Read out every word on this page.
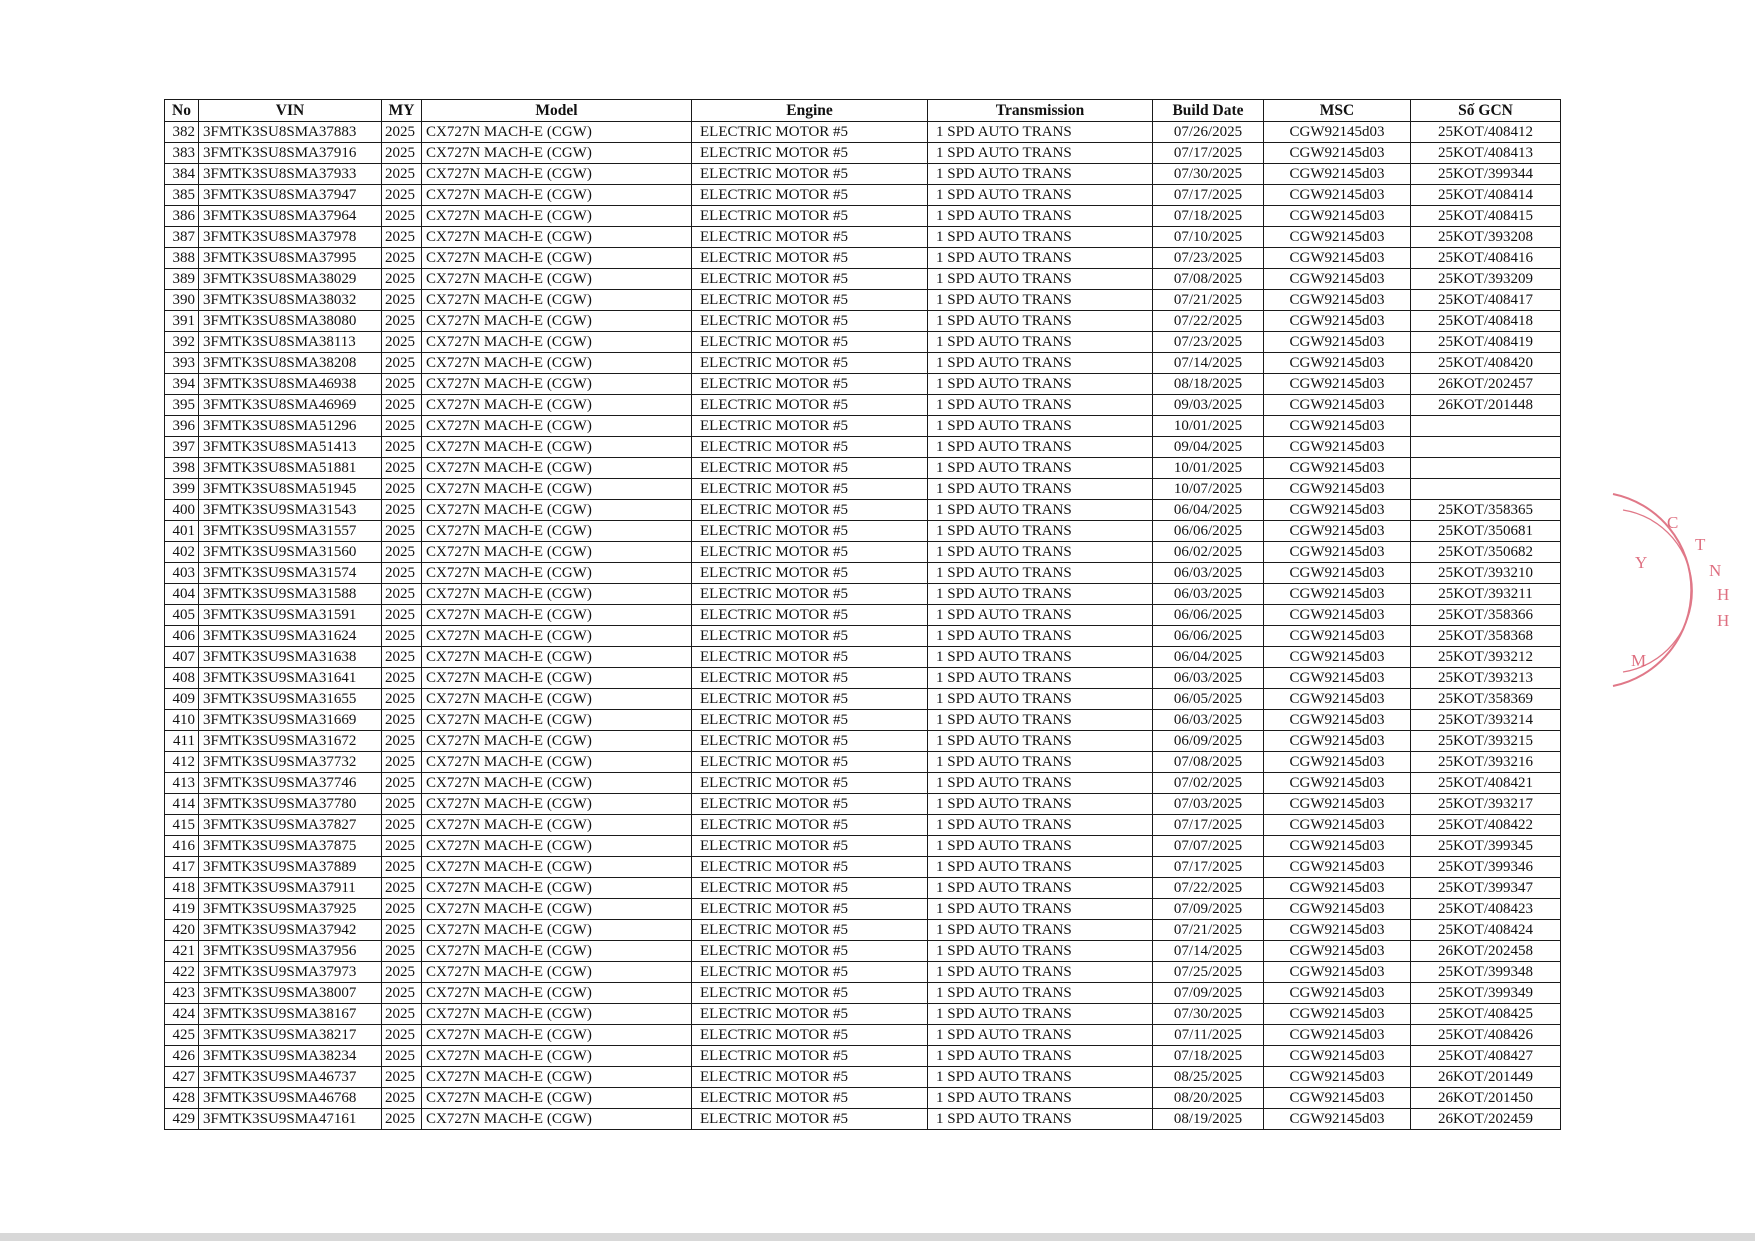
No	VIN	MY	Model	Engine	Transmission	Build Date	MSC	Số GCN
382	3FMTK3SU8SMA37883	2025	CX727N MACH-E (CGW)	ELECTRIC MOTOR #5	1 SPD AUTO TRANS	07/26/2025	CGW92145d03	25KOT/408412
383	3FMTK3SU8SMA37916	2025	CX727N MACH-E (CGW)	ELECTRIC MOTOR #5	1 SPD AUTO TRANS	07/17/2025	CGW92145d03	25KOT/408413
384	3FMTK3SU8SMA37933	2025	CX727N MACH-E (CGW)	ELECTRIC MOTOR #5	1 SPD AUTO TRANS	07/30/2025	CGW92145d03	25KOT/399344
385	3FMTK3SU8SMA37947	2025	CX727N MACH-E (CGW)	ELECTRIC MOTOR #5	1 SPD AUTO TRANS	07/17/2025	CGW92145d03	25KOT/408414
386	3FMTK3SU8SMA37964	2025	CX727N MACH-E (CGW)	ELECTRIC MOTOR #5	1 SPD AUTO TRANS	07/18/2025	CGW92145d03	25KOT/408415
387	3FMTK3SU8SMA37978	2025	CX727N MACH-E (CGW)	ELECTRIC MOTOR #5	1 SPD AUTO TRANS	07/10/2025	CGW92145d03	25KOT/393208
388	3FMTK3SU8SMA37995	2025	CX727N MACH-E (CGW)	ELECTRIC MOTOR #5	1 SPD AUTO TRANS	07/23/2025	CGW92145d03	25KOT/408416
389	3FMTK3SU8SMA38029	2025	CX727N MACH-E (CGW)	ELECTRIC MOTOR #5	1 SPD AUTO TRANS	07/08/2025	CGW92145d03	25KOT/393209
390	3FMTK3SU8SMA38032	2025	CX727N MACH-E (CGW)	ELECTRIC MOTOR #5	1 SPD AUTO TRANS	07/21/2025	CGW92145d03	25KOT/408417
391	3FMTK3SU8SMA38080	2025	CX727N MACH-E (CGW)	ELECTRIC MOTOR #5	1 SPD AUTO TRANS	07/22/2025	CGW92145d03	25KOT/408418
392	3FMTK3SU8SMA38113	2025	CX727N MACH-E (CGW)	ELECTRIC MOTOR #5	1 SPD AUTO TRANS	07/23/2025	CGW92145d03	25KOT/408419
393	3FMTK3SU8SMA38208	2025	CX727N MACH-E (CGW)	ELECTRIC MOTOR #5	1 SPD AUTO TRANS	07/14/2025	CGW92145d03	25KOT/408420
394	3FMTK3SU8SMA46938	2025	CX727N MACH-E (CGW)	ELECTRIC MOTOR #5	1 SPD AUTO TRANS	08/18/2025	CGW92145d03	26KOT/202457
395	3FMTK3SU8SMA46969	2025	CX727N MACH-E (CGW)	ELECTRIC MOTOR #5	1 SPD AUTO TRANS	09/03/2025	CGW92145d03	26KOT/201448
396	3FMTK3SU8SMA51296	2025	CX727N MACH-E (CGW)	ELECTRIC MOTOR #5	1 SPD AUTO TRANS	10/01/2025	CGW92145d03	
397	3FMTK3SU8SMA51413	2025	CX727N MACH-E (CGW)	ELECTRIC MOTOR #5	1 SPD AUTO TRANS	09/04/2025	CGW92145d03	
398	3FMTK3SU8SMA51881	2025	CX727N MACH-E (CGW)	ELECTRIC MOTOR #5	1 SPD AUTO TRANS	10/01/2025	CGW92145d03	
399	3FMTK3SU8SMA51945	2025	CX727N MACH-E (CGW)	ELECTRIC MOTOR #5	1 SPD AUTO TRANS	10/07/2025	CGW92145d03	
400	3FMTK3SU9SMA31543	2025	CX727N MACH-E (CGW)	ELECTRIC MOTOR #5	1 SPD AUTO TRANS	06/04/2025	CGW92145d03	25KOT/358365
401	3FMTK3SU9SMA31557	2025	CX727N MACH-E (CGW)	ELECTRIC MOTOR #5	1 SPD AUTO TRANS	06/06/2025	CGW92145d03	25KOT/350681
402	3FMTK3SU9SMA31560	2025	CX727N MACH-E (CGW)	ELECTRIC MOTOR #5	1 SPD AUTO TRANS	06/02/2025	CGW92145d03	25KOT/350682
403	3FMTK3SU9SMA31574	2025	CX727N MACH-E (CGW)	ELECTRIC MOTOR #5	1 SPD AUTO TRANS	06/03/2025	CGW92145d03	25KOT/393210
404	3FMTK3SU9SMA31588	2025	CX727N MACH-E (CGW)	ELECTRIC MOTOR #5	1 SPD AUTO TRANS	06/03/2025	CGW92145d03	25KOT/393211
405	3FMTK3SU9SMA31591	2025	CX727N MACH-E (CGW)	ELECTRIC MOTOR #5	1 SPD AUTO TRANS	06/06/2025	CGW92145d03	25KOT/358366
406	3FMTK3SU9SMA31624	2025	CX727N MACH-E (CGW)	ELECTRIC MOTOR #5	1 SPD AUTO TRANS	06/06/2025	CGW92145d03	25KOT/358368
407	3FMTK3SU9SMA31638	2025	CX727N MACH-E (CGW)	ELECTRIC MOTOR #5	1 SPD AUTO TRANS	06/04/2025	CGW92145d03	25KOT/393212
408	3FMTK3SU9SMA31641	2025	CX727N MACH-E (CGW)	ELECTRIC MOTOR #5	1 SPD AUTO TRANS	06/03/2025	CGW92145d03	25KOT/393213
409	3FMTK3SU9SMA31655	2025	CX727N MACH-E (CGW)	ELECTRIC MOTOR #5	1 SPD AUTO TRANS	06/05/2025	CGW92145d03	25KOT/358369
410	3FMTK3SU9SMA31669	2025	CX727N MACH-E (CGW)	ELECTRIC MOTOR #5	1 SPD AUTO TRANS	06/03/2025	CGW92145d03	25KOT/393214
411	3FMTK3SU9SMA31672	2025	CX727N MACH-E (CGW)	ELECTRIC MOTOR #5	1 SPD AUTO TRANS	06/09/2025	CGW92145d03	25KOT/393215
412	3FMTK3SU9SMA37732	2025	CX727N MACH-E (CGW)	ELECTRIC MOTOR #5	1 SPD AUTO TRANS	07/08/2025	CGW92145d03	25KOT/393216
413	3FMTK3SU9SMA37746	2025	CX727N MACH-E (CGW)	ELECTRIC MOTOR #5	1 SPD AUTO TRANS	07/02/2025	CGW92145d03	25KOT/408421
414	3FMTK3SU9SMA37780	2025	CX727N MACH-E (CGW)	ELECTRIC MOTOR #5	1 SPD AUTO TRANS	07/03/2025	CGW92145d03	25KOT/393217
415	3FMTK3SU9SMA37827	2025	CX727N MACH-E (CGW)	ELECTRIC MOTOR #5	1 SPD AUTO TRANS	07/17/2025	CGW92145d03	25KOT/408422
416	3FMTK3SU9SMA37875	2025	CX727N MACH-E (CGW)	ELECTRIC MOTOR #5	1 SPD AUTO TRANS	07/07/2025	CGW92145d03	25KOT/399345
417	3FMTK3SU9SMA37889	2025	CX727N MACH-E (CGW)	ELECTRIC MOTOR #5	1 SPD AUTO TRANS	07/17/2025	CGW92145d03	25KOT/399346
418	3FMTK3SU9SMA37911	2025	CX727N MACH-E (CGW)	ELECTRIC MOTOR #5	1 SPD AUTO TRANS	07/22/2025	CGW92145d03	25KOT/399347
419	3FMTK3SU9SMA37925	2025	CX727N MACH-E (CGW)	ELECTRIC MOTOR #5	1 SPD AUTO TRANS	07/09/2025	CGW92145d03	25KOT/408423
420	3FMTK3SU9SMA37942	2025	CX727N MACH-E (CGW)	ELECTRIC MOTOR #5	1 SPD AUTO TRANS	07/21/2025	CGW92145d03	25KOT/408424
421	3FMTK3SU9SMA37956	2025	CX727N MACH-E (CGW)	ELECTRIC MOTOR #5	1 SPD AUTO TRANS	07/14/2025	CGW92145d03	26KOT/202458
422	3FMTK3SU9SMA37973	2025	CX727N MACH-E (CGW)	ELECTRIC MOTOR #5	1 SPD AUTO TRANS	07/25/2025	CGW92145d03	25KOT/399348
423	3FMTK3SU9SMA38007	2025	CX727N MACH-E (CGW)	ELECTRIC MOTOR #5	1 SPD AUTO TRANS	07/09/2025	CGW92145d03	25KOT/399349
424	3FMTK3SU9SMA38167	2025	CX727N MACH-E (CGW)	ELECTRIC MOTOR #5	1 SPD AUTO TRANS	07/30/2025	CGW92145d03	25KOT/408425
425	3FMTK3SU9SMA38217	2025	CX727N MACH-E (CGW)	ELECTRIC MOTOR #5	1 SPD AUTO TRANS	07/11/2025	CGW92145d03	25KOT/408426
426	3FMTK3SU9SMA38234	2025	CX727N MACH-E (CGW)	ELECTRIC MOTOR #5	1 SPD AUTO TRANS	07/18/2025	CGW92145d03	25KOT/408427
427	3FMTK3SU9SMA46737	2025	CX727N MACH-E (CGW)	ELECTRIC MOTOR #5	1 SPD AUTO TRANS	08/25/2025	CGW92145d03	26KOT/201449
428	3FMTK3SU9SMA46768	2025	CX727N MACH-E (CGW)	ELECTRIC MOTOR #5	1 SPD AUTO TRANS	08/20/2025	CGW92145d03	26KOT/201450
429	3FMTK3SU9SMA47161	2025	CX727N MACH-E (CGW)	ELECTRIC MOTOR #5	1 SPD AUTO TRANS	08/19/2025	CGW92145d03	26KOT/202459
C
T
N
H
H
Y
M
